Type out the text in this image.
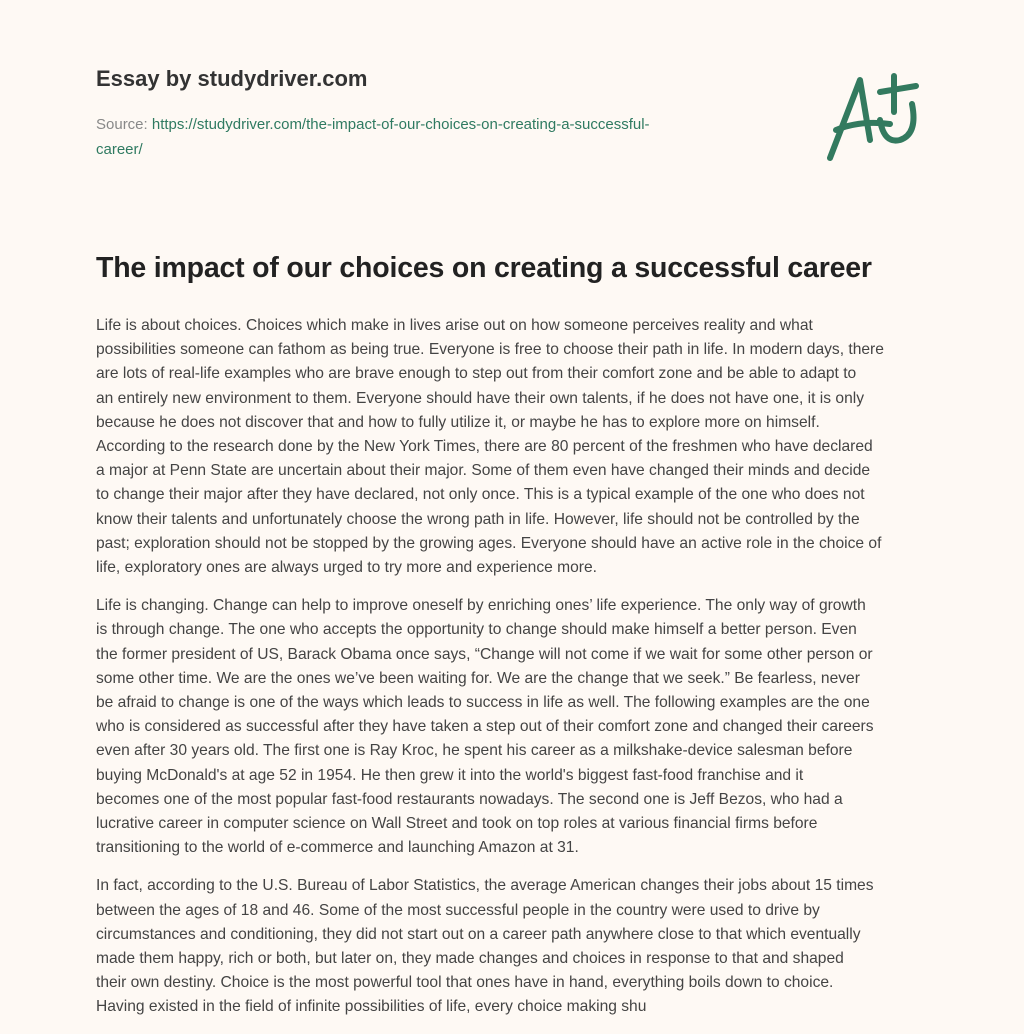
Essay by studydriver.com
Source: https://studydriver.com/the-impact-of-our-choices-on-creating-a-successful-
career/
The impact of our choices on creating a successful career

Life is about choices. Choices which make in lives arise out on how someone perceives reality and what
possibilities someone can fathom as being true. Everyone is free to choose their path in life. In modern days, there
are lots of real-life examples who are brave enough to step out from their comfort zone and be able to adapt to
an entirely new environment to them. Everyone should have their own talents, if he does not have one, it is only
because he does not discover that and how to fully utilize it, or maybe he has to explore more on himself.
According to the research done by the New York Times, there are 80 percent of the freshmen who have declared
a major at Penn State are uncertain about their major. Some of them even have changed their minds and decide
to change their major after they have declared, not only once. This is a typical example of the one who does not
know their talents and unfortunately choose the wrong path in life. However, life should not be controlled by the
past; exploration should not be stopped by the growing ages. Everyone should have an active role in the choice of
life, exploratory ones are always urged to try more and experience more.

Life is changing. Change can help to improve oneself by enriching ones’ life experience. The only way of growth
is through change. The one who accepts the opportunity to change should make himself a better person. Even
the former president of US, Barack Obama once says, “Change will not come if we wait for some other person or
some other time. We are the ones we’ve been waiting for. We are the change that we seek.” Be fearless, never
be afraid to change is one of the ways which leads to success in life as well. The following examples are the one
who is considered as successful after they have taken a step out of their comfort zone and changed their careers
even after 30 years old. The first one is Ray Kroc, he spent his career as a milkshake-device salesman before
buying McDonald's at age 52 in 1954. He then grew it into the world's biggest fast-food franchise and it
becomes one of the most popular fast-food restaurants nowadays. The second one is Jeff Bezos, who had a
lucrative career in computer science on Wall Street and took on top roles at various financial firms before
transitioning to the world of e-commerce and launching Amazon at 31.

In fact, according to the U.S. Bureau of Labor Statistics, the average American changes their jobs about 15 times
between the ages of 18 and 46. Some of the most successful people in the country were used to drive by
circumstances and conditioning, they did not start out on a career path anywhere close to that which eventually
made them happy, rich or both, but later on, they made changes and choices in response to that and shaped
their own destiny. Choice is the most powerful tool that ones have in hand, everything boils down to choice.
Having existed in the field of infinite possibilities of life, every choice making shu
